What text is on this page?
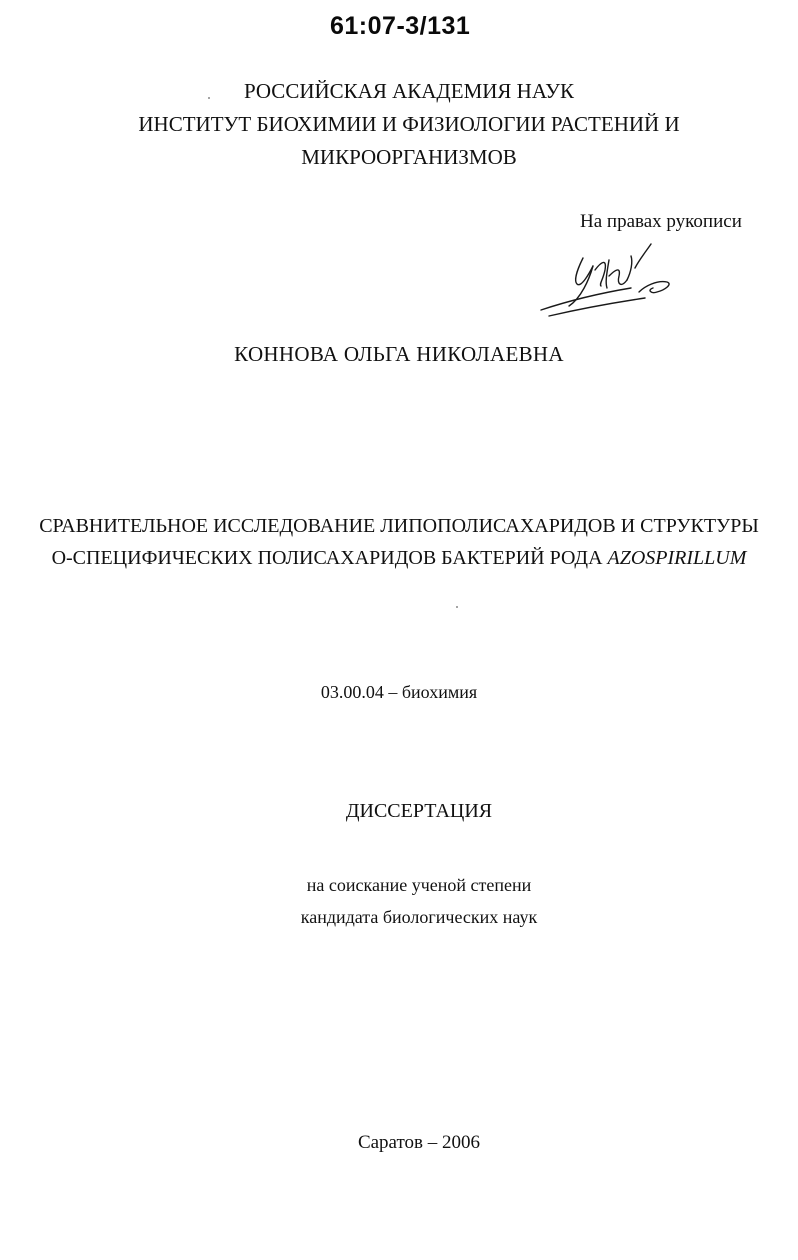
61:07-3/131
РОССИЙСКАЯ АКАДЕМИЯ НАУК
ИНСТИТУТ БИОХИМИИ И ФИЗИОЛОГИИ РАСТЕНИЙ И
МИКРООРГАНИЗМОВ
На правах рукописи
КОННОВА ОЛЬГА НИКОЛАЕВНА
СРАВНИТЕЛЬНОЕ ИССЛЕДОВАНИЕ ЛИПОПОЛИСАХАРИДОВ И СТРУКТУРЫ
О-СПЕЦИФИЧЕСКИХ ПОЛИСАХАРИДОВ БАКТЕРИЙ РОДА AZOSPIRILLUM
03.00.04 – биохимия
ДИССЕРТАЦИЯ
на соискание ученой степени
кандидата биологических наук
Саратов – 2006
